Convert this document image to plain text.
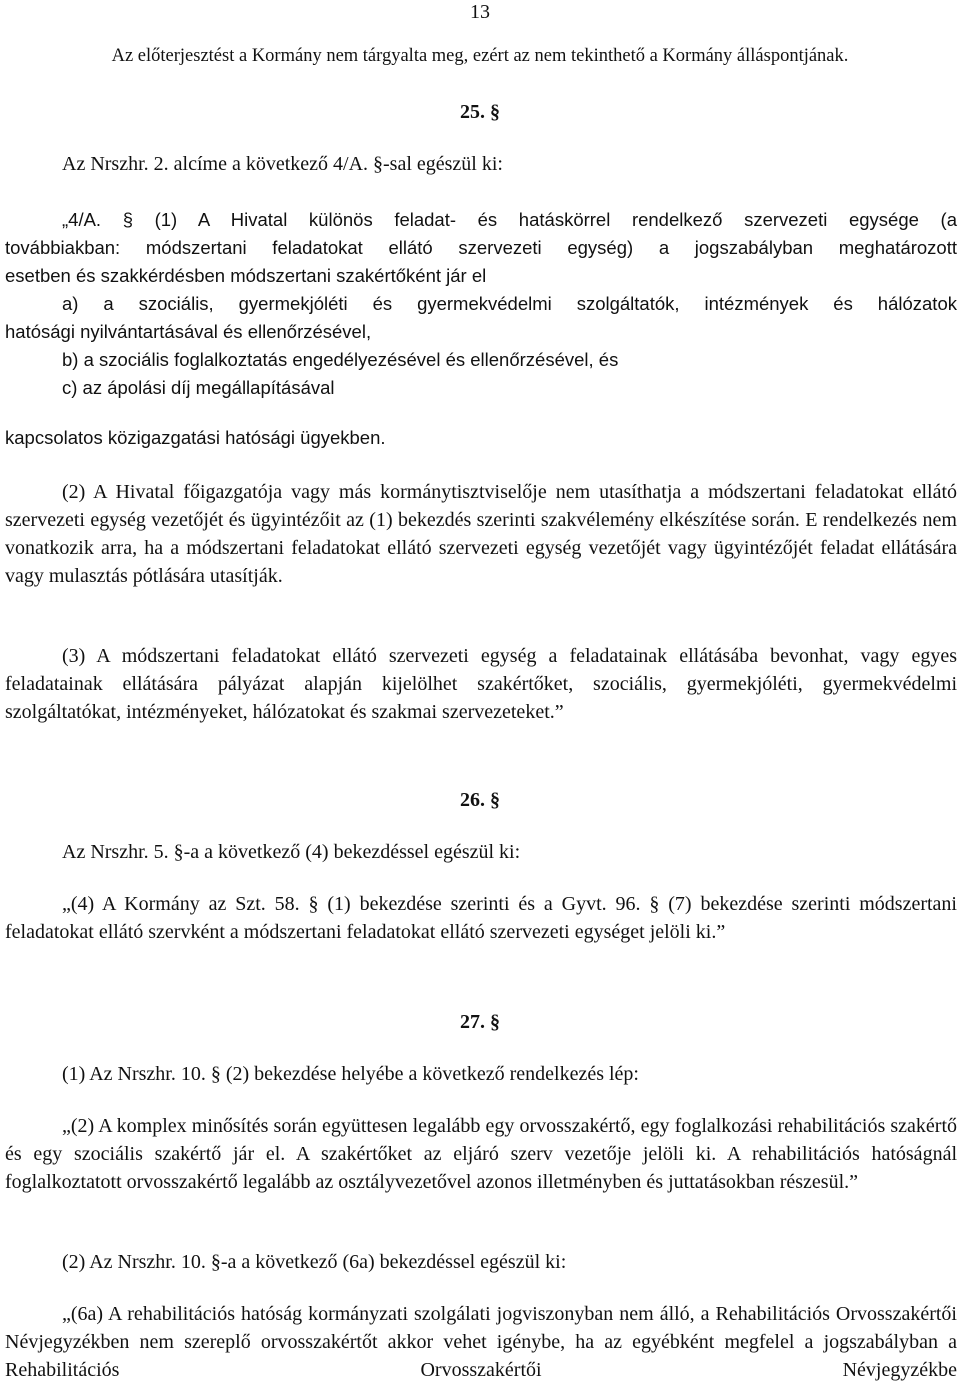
13
Az előterjesztést a Kormány nem tárgyalta meg, ezért az nem tekinthető a Kormány álláspontjának.
25. §
Az Nrszhr. 2. alcíme a következő 4/A. §-sal egészül ki:
„4/A. § (1) A Hivatal különös feladat- és hatáskörrel rendelkező szervezeti egysége (a
továbbiakban: módszertani feladatokat ellátó szervezeti egység) a jogszabályban meghatározott
esetben és szakkérdésben módszertani szakértőként jár el
a) a szociális, gyermekjóléti és gyermekvédelmi szolgáltatók, intézmények és hálózatok
hatósági nyilvántartásával és ellenőrzésével,
b) a szociális foglalkoztatás engedélyezésével és ellenőrzésével, és
c) az ápolási díj megállapításával
kapcsolatos közigazgatási hatósági ügyekben.
(2) A Hivatal főigazgatója vagy más kormánytisztviselője nem utasíthatja a módszertani feladatokat ellátó szervezeti egység vezetőjét és ügyintézőit az (1) bekezdés szerinti szakvélemény elkészítése során. E rendelkezés nem vonatkozik arra, ha a módszertani feladatokat ellátó szervezeti egység vezetőjét vagy ügyintézőjét feladat ellátására vagy mulasztás pótlására utasítják.
(3) A módszertani feladatokat ellátó szervezeti egység a feladatainak ellátásába bevonhat, vagy egyes feladatainak ellátására pályázat alapján kijelölhet szakértőket, szociális, gyermekjóléti, gyermekvédelmi szolgáltatókat, intézményeket, hálózatokat és szakmai szervezeteket.”
26. §
Az Nrszhr. 5. §-a a következő (4) bekezdéssel egészül ki:
„(4) A Kormány az Szt. 58. § (1) bekezdése szerinti és a Gyvt. 96. § (7) bekezdése szerinti módszertani feladatokat ellátó szervként a módszertani feladatokat ellátó szervezeti egységet jelöli ki.”
27. §
(1) Az Nrszhr. 10. § (2) bekezdése helyébe a következő rendelkezés lép:
„(2) A komplex minősítés során együttesen legalább egy orvosszakértő, egy foglalkozási rehabilitációs szakértő és egy szociális szakértő jár el. A szakértőket az eljáró szerv vezetője jelöli ki. A rehabilitációs hatóságnál foglalkoztatott orvosszakértő legalább az osztályvezetővel azonos illetményben és juttatásokban részesül.”
(2) Az Nrszhr. 10. §-a a következő (6a) bekezdéssel egészül ki:
„(6a) A rehabilitációs hatóság kormányzati szolgálati jogviszonyban nem álló, a Rehabilitációs Orvosszakértői Névjegyzékben nem szereplő orvosszakértőt akkor vehet igénybe, ha az egyébként megfelel a jogszabályban a Rehabilitációs Orvosszakértői Névjegyzékbe
